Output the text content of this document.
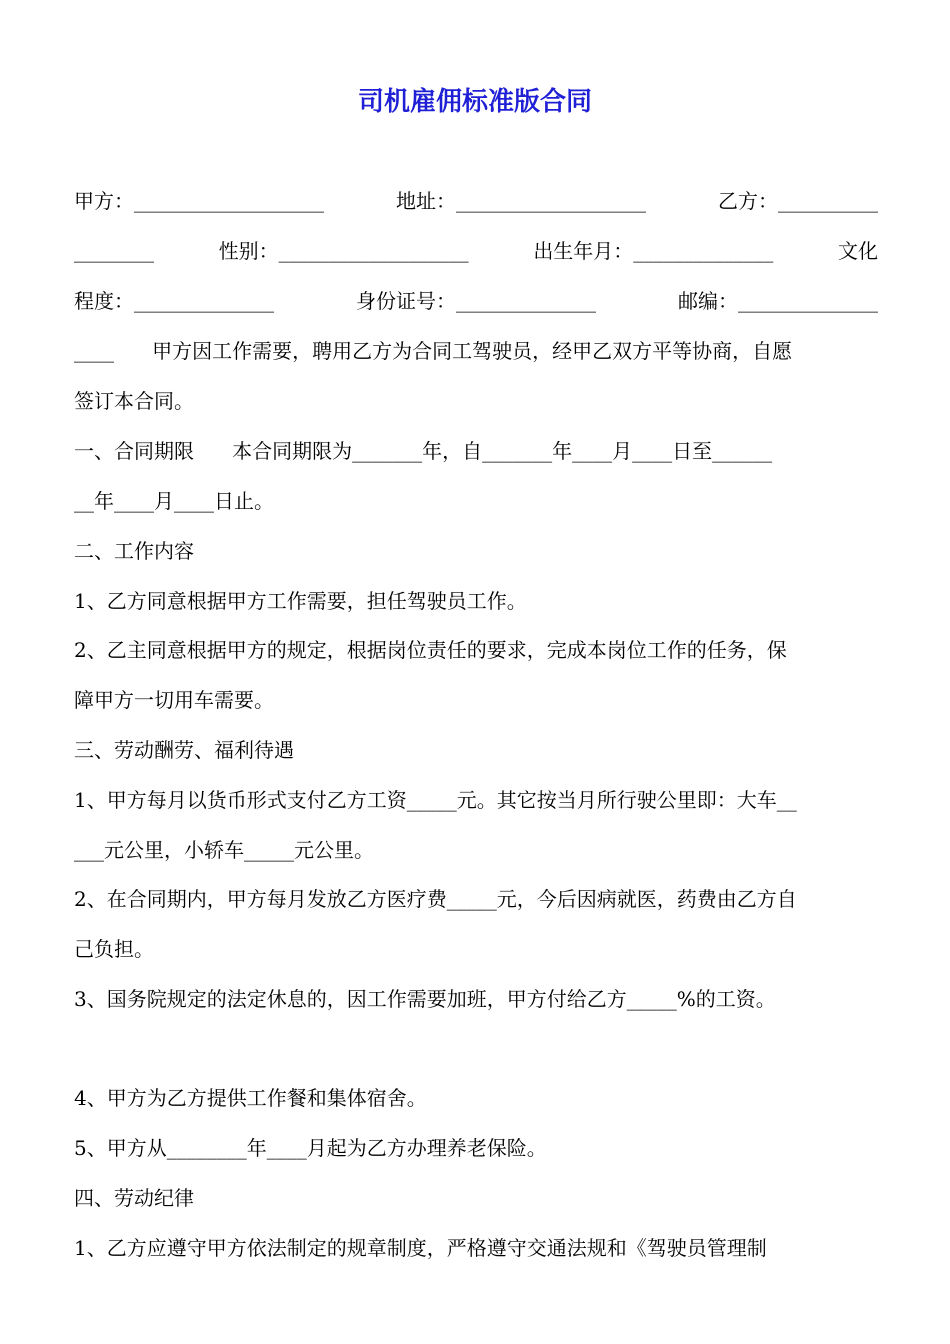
司机雇佣标准版合同
甲方：___________________	地址：___________________	乙方：__________
________	性别：___________________	出生年月：______________	文化
程度：______________	身份证号：______________	邮编：______________
____      甲方因工作需要，聘用乙方为合同工驾驶员，经甲乙双方平等协商，自愿
签订本合同。
一、合同期限      本合同期限为_______年，自_______年____月____日至______
__年____月____日止。
二、工作内容
1、乙方同意根据甲方工作需要，担任驾驶员工作。
2、乙主同意根据甲方的规定，根据岗位责任的要求，完成本岗位工作的任务，保
障甲方一切用车需要。
三、劳动酬劳、福利待遇
1、甲方每月以货币形式支付乙方工资_____元。其它按当月所行驶公里即：大车__
___元公里，小轿车_____元公里。
2、在合同期内，甲方每月发放乙方医疗费_____元，今后因病就医，药费由乙方自
己负担。
3、国务院规定的法定休息的，因工作需要加班，甲方付给乙方_____%的工资。
4、甲方为乙方提供工作餐和集体宿舍。
5、甲方从________年____月起为乙方办理养老保险。
四、劳动纪律
1、乙方应遵守甲方依法制定的规章制度，严格遵守交通法规和《驾驶员管理制
